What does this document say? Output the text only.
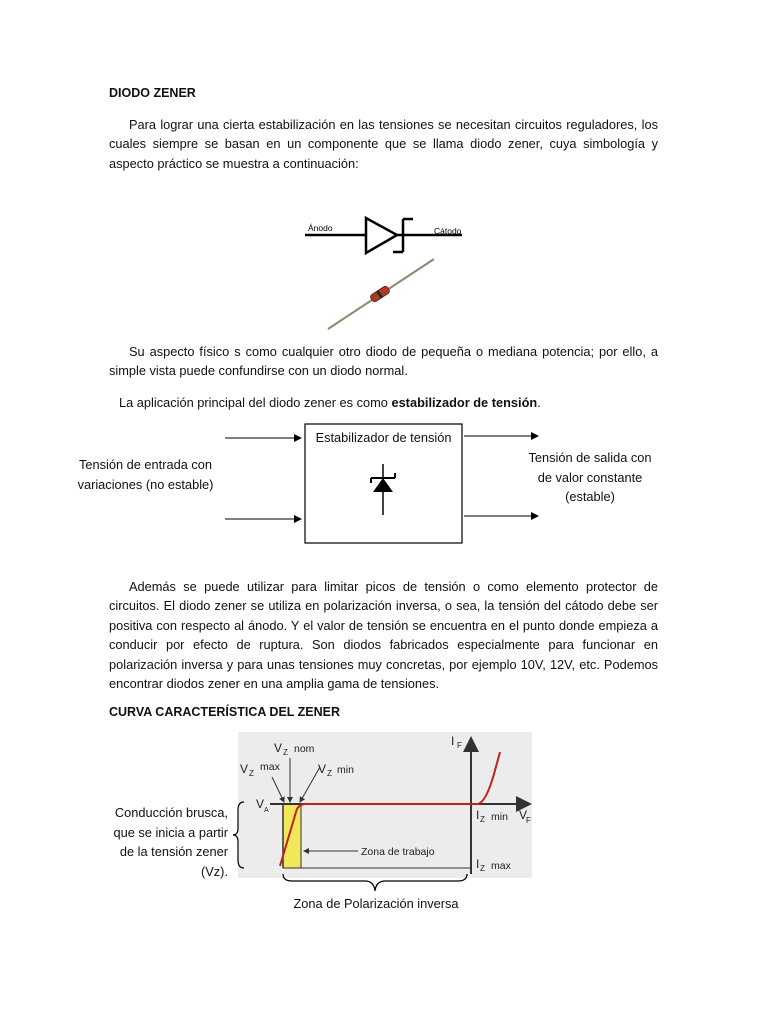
DIODO ZENER
Para lograr una cierta estabilización en las tensiones se necesitan circuitos reguladores, los cuales siempre se basan en un componente que se llama diodo zener, cuya simbología y aspecto práctico se muestra a continuación:
Ánodo	Cátodo
Su aspecto físico s como cualquier otro diodo de pequeña o mediana potencia; por ello, a simple vista puede confundirse con un diodo normal.
La aplicación principal del diodo zener es como estabilizador de tensión.
Estabilizador de tensión
Tensión de entrada con variaciones (no estable)
Tensión de salida con de valor constante (estable)
Además se puede utilizar para limitar picos de tensión o como elemento protector de circuitos. El diodo zener se utiliza en polarización inversa, o sea, la tensión del cátodo debe ser positiva con respecto al ánodo. Y el valor de tensión se encuentra en el punto donde empieza a conducir por efecto de ruptura. Son diodos fabricados especialmente para funcionar en polarización inversa y para unas tensiones muy concretas, por ejemplo 10V, 12V, etc. Podemos encontrar diodos zener en una amplia gama de tensiones.
CURVA CARACTERÍSTICA DEL ZENER
V Z nom
V Z
max	V Z min
V A
I F
V
F
I Z min
I Z max
Zona de trabajo
Conducción brusca, que se inicia a partir de la tensión zener (Vz).
Zona de Polarización inversa
